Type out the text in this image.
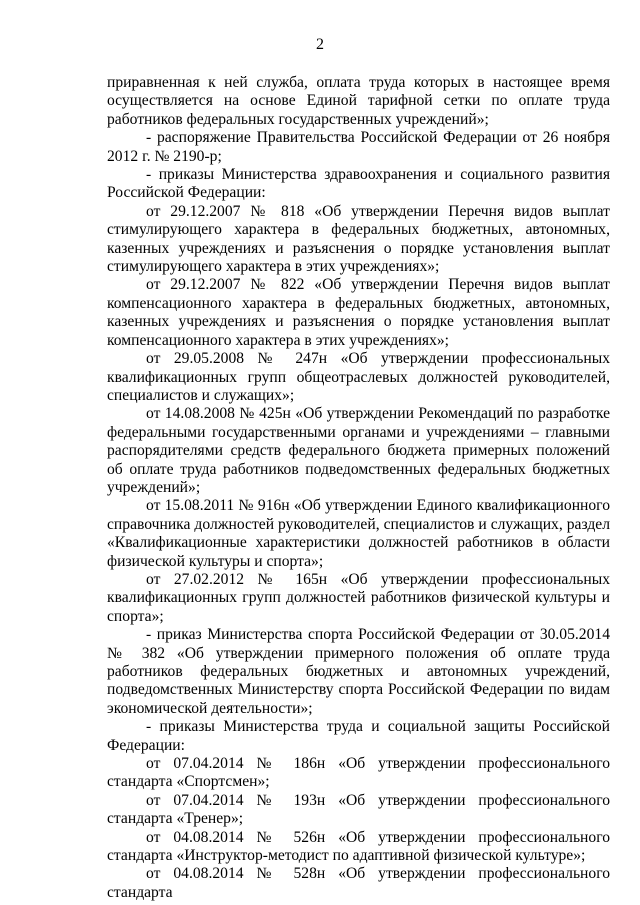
2

приравненная к ней служба, оплата труда которых в настоящее время осуществляется на основе Единой тарифной сетки по оплате труда работников федеральных государственных учреждений»;

- распоряжение Правительства Российской Федерации от 26 ноября 2012 г. № 2190-р;

- приказы Министерства здравоохранения и социального развития Российской Федерации:

от 29.12.2007 № 818 «Об утверждении Перечня видов выплат стимулирующего характера в федеральных бюджетных, автономных, казенных учреждениях и разъяснения о порядке установления выплат стимулирующего характера в этих учреждениях»;

от 29.12.2007 № 822 «Об утверждении Перечня видов выплат компенсационного характера в федеральных бюджетных, автономных, казенных учреждениях и разъяснения о порядке установления выплат компенсационного характера в этих учреждениях»;

от 29.05.2008 № 247н «Об утверждении профессиональных квалификационных групп общеотраслевых должностей руководителей, специалистов и служащих»;

от 14.08.2008 № 425н «Об утверждении Рекомендаций по разработке федеральными государственными органами и учреждениями – главными распорядителями средств федерального бюджета примерных положений об оплате труда работников подведомственных федеральных бюджетных учреждений»;

от 15.08.2011 № 916н «Об утверждении Единого квалификационного справочника должностей руководителей, специалистов и служащих, раздел «Квалификационные характеристики должностей работников в области физической культуры и спорта»;

от 27.02.2012 № 165н «Об утверждении профессиональных квалификационных групп должностей работников физической культуры и спорта»;

- приказ Министерства спорта Российской Федерации от 30.05.2014 № 382 «Об утверждении примерного положения об оплате труда работников федеральных бюджетных и автономных учреждений, подведомственных Министерству спорта Российской Федерации по видам экономической деятельности»;

- приказы Министерства труда и социальной защиты Российской Федерации:

от 07.04.2014 № 186н «Об утверждении профессионального стандарта «Спортсмен»;

от 07.04.2014 № 193н «Об утверждении профессионального стандарта «Тренер»;

от 04.08.2014 № 526н «Об утверждении профессионального стандарта «Инструктор-методист по адаптивной физической культуре»;

от 04.08.2014 № 528н «Об утверждении профессионального стандарта
